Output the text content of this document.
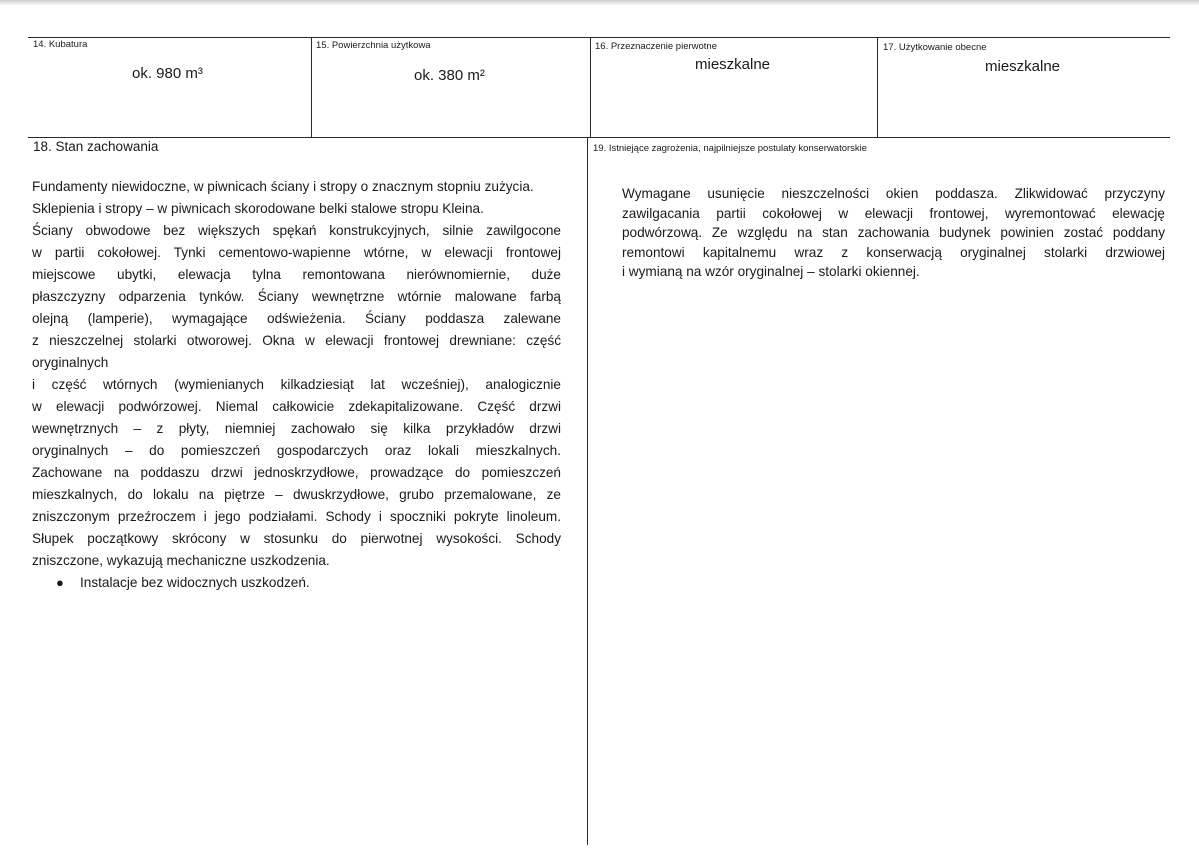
14. Kubatura
ok. 980 m³
15. Powierzchnia użytkowa
ok. 380 m²
16. Przeznaczenie pierwotne
mieszkalne
17. Użytkowanie obecne
mieszkalne
18. Stan zachowania

Fundamenty niewidoczne, w piwnicach ściany i stropy o znacznym stopniu zużycia.

Sklepienia i stropy – w piwnicach skorodowane belki stalowe stropu Kleina.

Ściany obwodowe bez większych spękań konstrukcyjnych, silnie zawilgocone

w partii cokołowej. Tynki cementowo-wapienne wtórne, w elewacji frontowej

miejscowe ubytki, elewacja tylna remontowana nierównomiernie, duże

płaszczyzny odparzenia tynków. Ściany wewnętrzne wtórnie malowane farbą

olejną (lamperie), wymagające odświeżenia. Ściany poddasza zalewane

z nieszczelnej stolarki otworowej. Okna w elewacji frontowej drewniane: część

oryginalnych

i część wtórnych (wymienianych kilkadziesiąt lat wcześniej), analogicznie

w elewacji podwórzowej. Niemal całkowicie zdekapitalizowane. Część drzwi

wewnętrznych – z płyty, niemniej zachowało się kilka przykładów drzwi

oryginalnych – do pomieszczeń gospodarczych oraz lokali mieszkalnych.

Zachowane na poddaszu drzwi jednoskrzydłowe, prowadzące do pomieszczeń

mieszkalnych, do lokalu na piętrze – dwuskrzydłowe, grubo przemalowane, ze

zniszczonym przeźroczem i jego podziałami. Schody i spoczniki pokryte linoleum.

Słupek początkowy skrócony w stosunku do pierwotnej wysokości. Schody

zniszczone, wykazują mechaniczne uszkodzenia.

●	Instalacje bez widocznych uszkodzeń.
19. Istniejące zagrożenia, najpilniejsze postulaty konserwatorskie

Wymagane usunięcie nieszczelności okien poddasza. Zlikwidować przyczyny

zawilgacania partii cokołowej w elewacji frontowej, wyremontować elewację

podwórzową. Ze względu na stan zachowania budynek powinien zostać poddany

remontowi kapitalnemu wraz z konserwacją oryginalnej stolarki drzwiowej

i wymianą na wzór oryginalnej – stolarki okiennej.
